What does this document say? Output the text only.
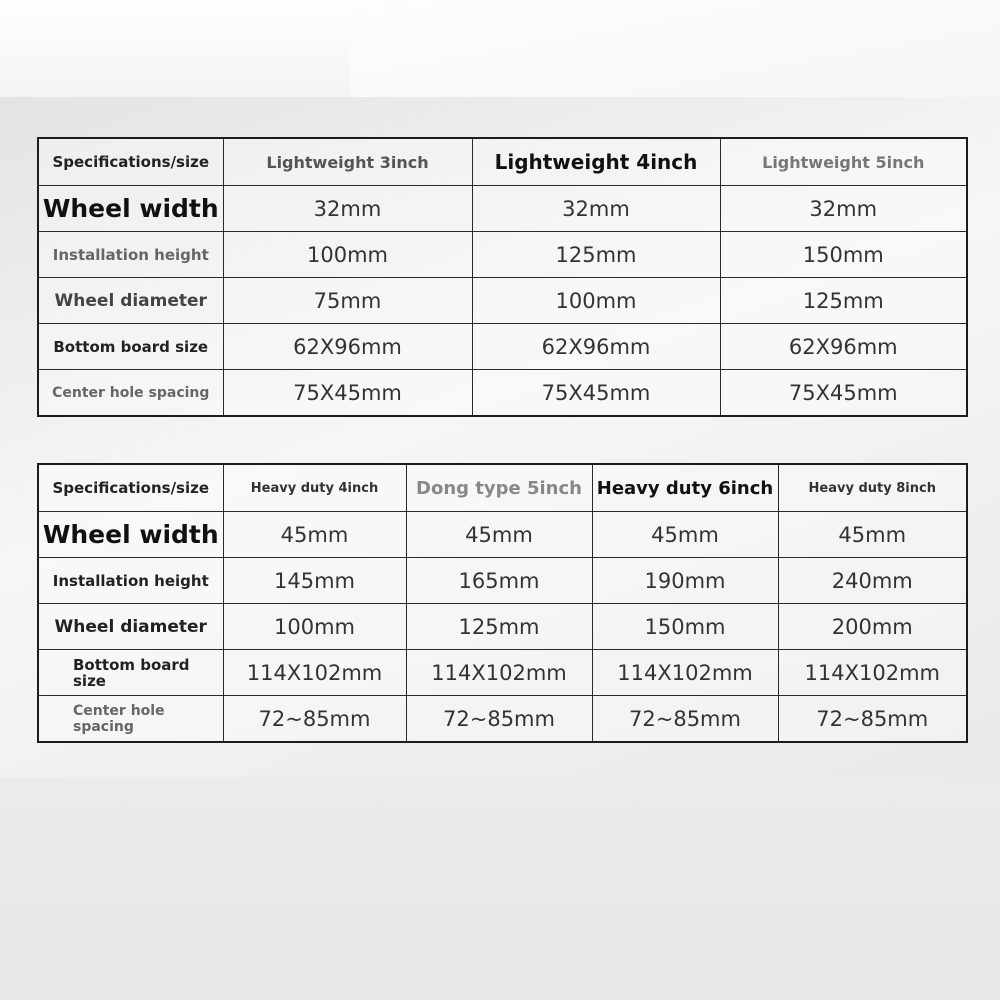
Specifications/size	Lightweight 3inch	Lightweight 4inch	Lightweight 5inch
Wheel width	32mm	32mm	32mm
Installation height	100mm	125mm	150mm
Wheel diameter	75mm	100mm	125mm
Bottom board size	62X96mm	62X96mm	62X96mm
Center hole spacing	75X45mm	75X45mm	75X45mm
Specifications/size	Heavy duty 4inch	Dong type 5inch	Heavy duty 6inch	Heavy duty 8inch
Wheel width	45mm	45mm	45mm	45mm
Installation height	145mm	165mm	190mm	240mm
Wheel diameter	100mm	125mm	150mm	200mm
Bottom board size	114X102mm	114X102mm	114X102mm	114X102mm
Center hole spacing	72~85mm	72~85mm	72~85mm	72~85mm
